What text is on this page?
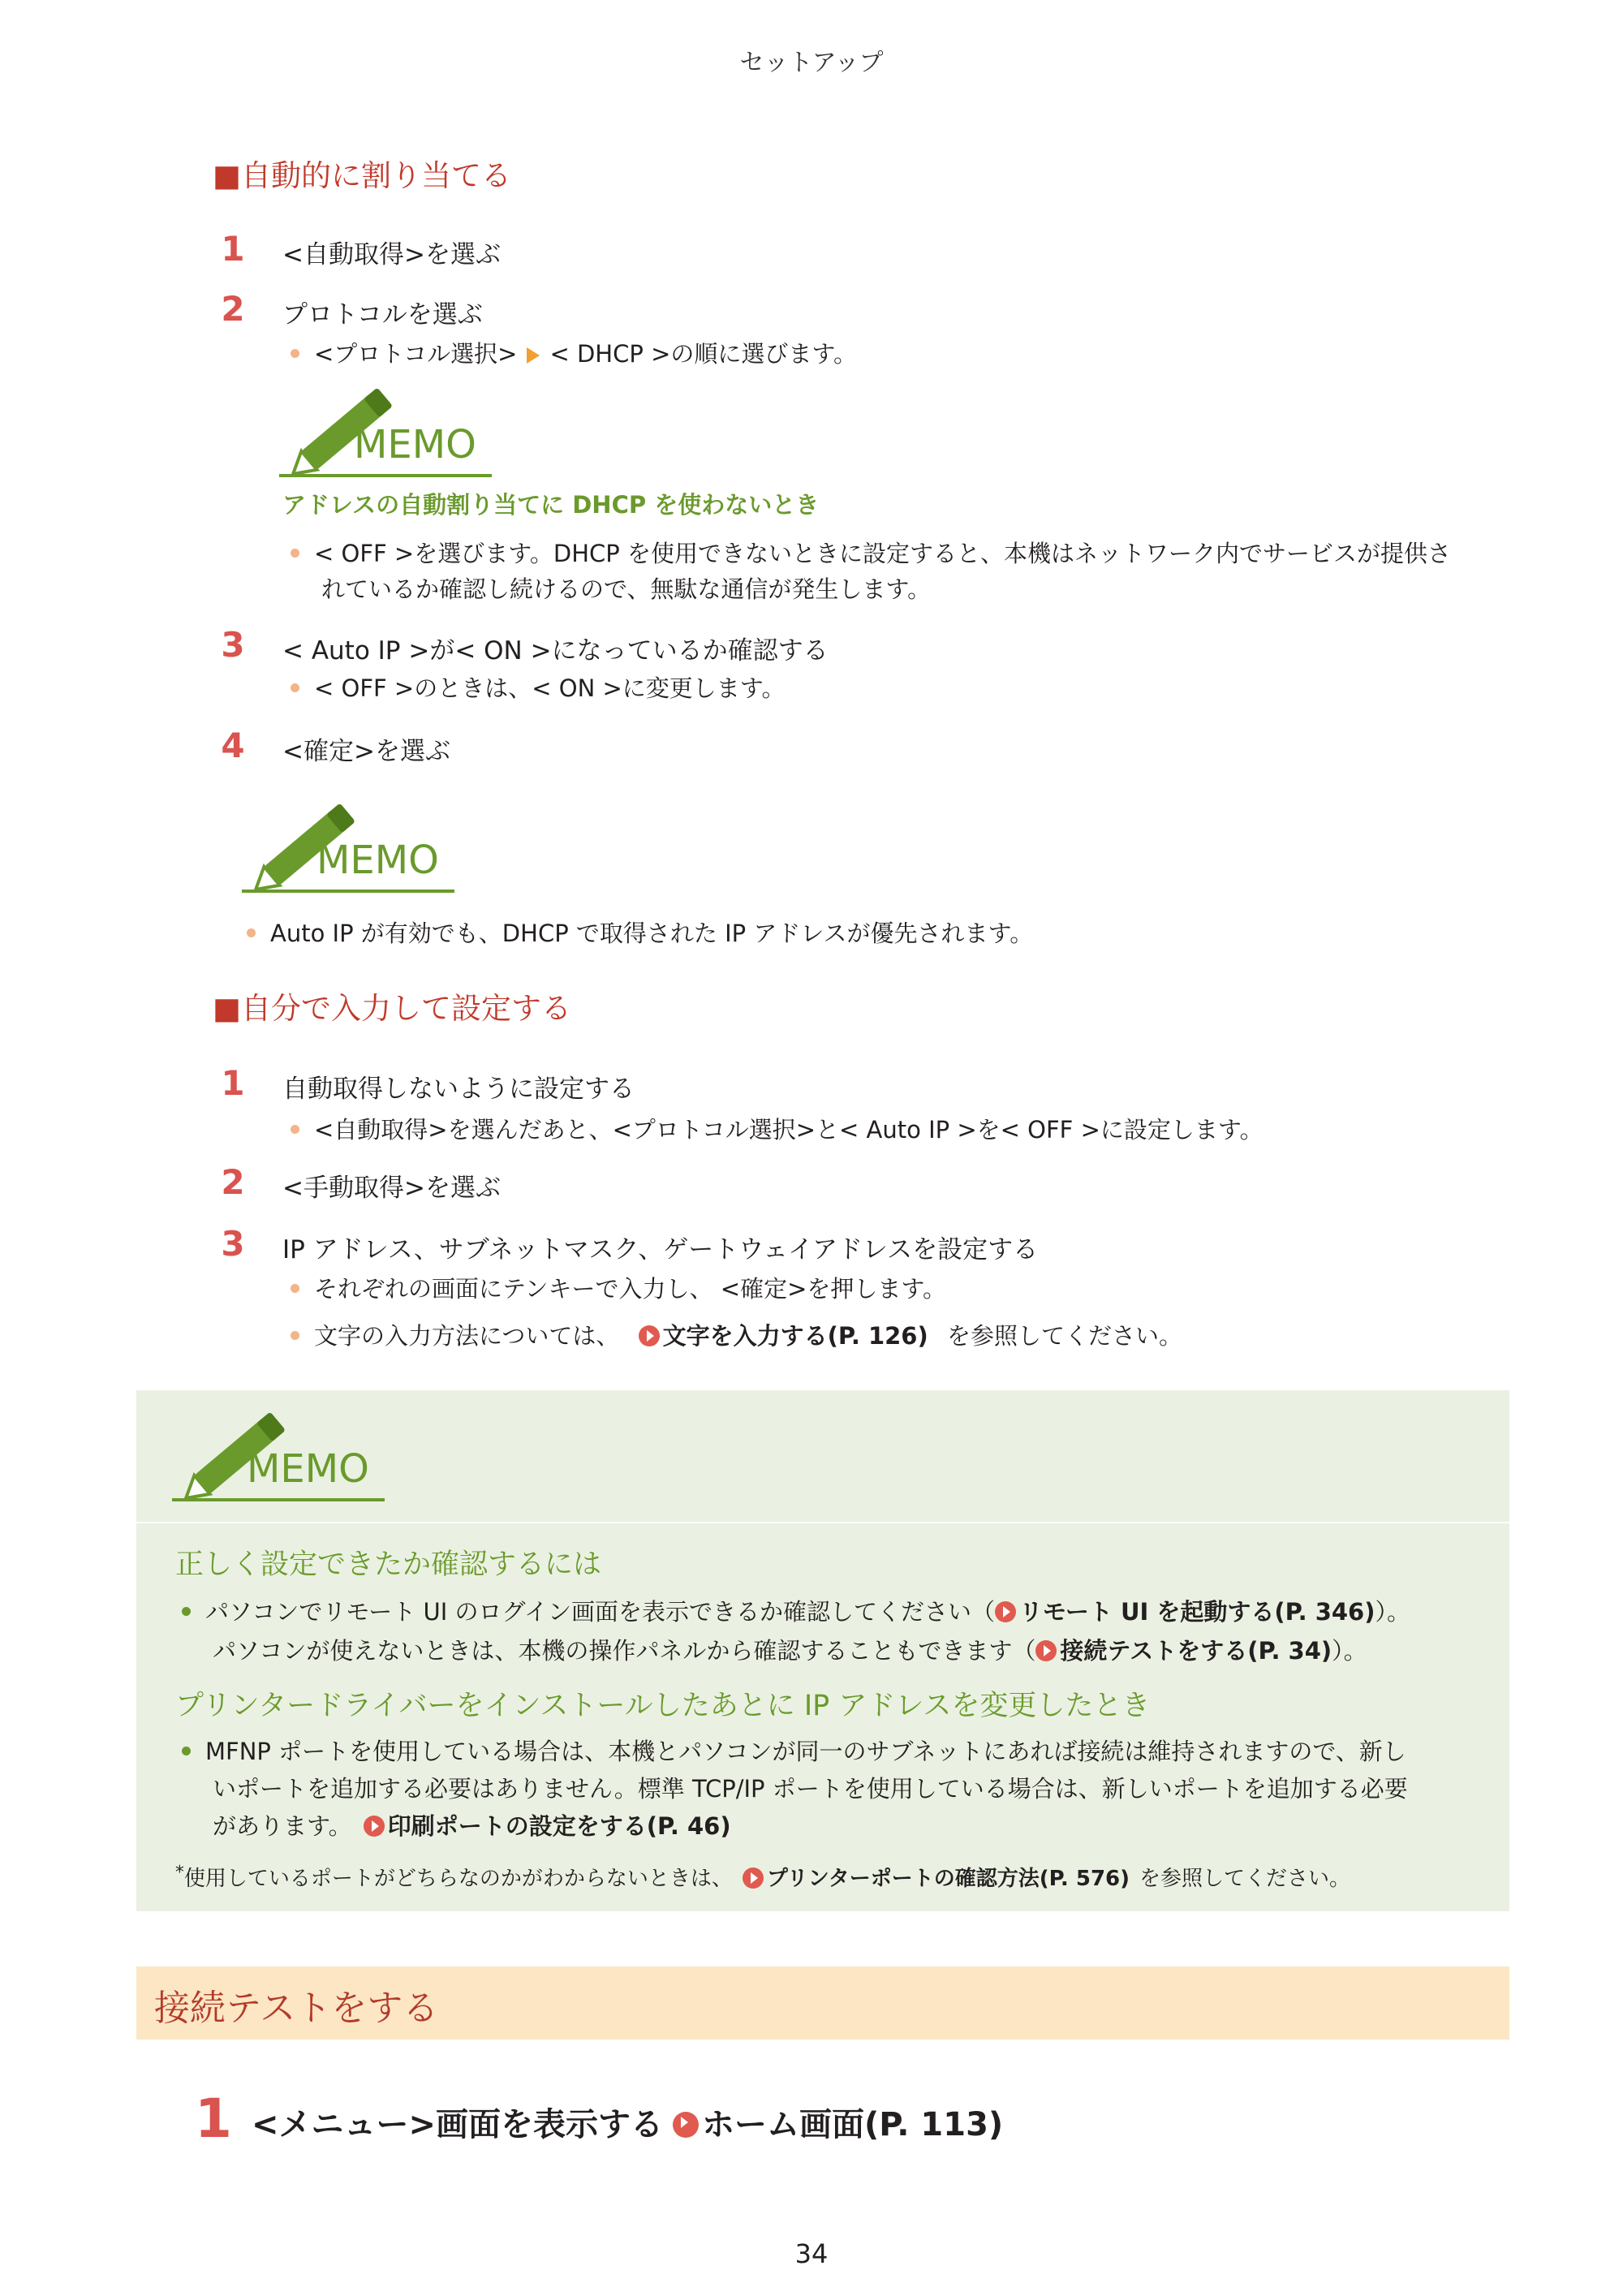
セットアップ
■自動的に割り当てる
1	<自動取得>を選ぶ
2	プロトコルを選ぶ
<プロトコル選択> < DHCP >の順に選びます。
MEMO
アドレスの自動割り当てに DHCP を使わないとき
< OFF >を選びます。DHCP を使用できないときに設定すると、本機はネットワーク内でサービスが提供さ
れているか確認し続けるので、無駄な通信が発生します。
3	< Auto IP >が< ON >になっているか確認する
< OFF >のときは、< ON >に変更します。
4	<確定>を選ぶ
MEMO
Auto IP が有効でも、DHCP で取得された IP アドレスが優先されます。
■自分で入力して設定する
1	自動取得しないように設定する
<自動取得>を選んだあと、<プロトコル選択>と< Auto IP >を< OFF >に設定します。
2	<手動取得>を選ぶ
3	IP アドレス、サブネットマスク、ゲートウェイアドレスを設定する
それぞれの画面にテンキーで入力し、 <確定>を押します。
文字の入力方法については、 文字を入力する(P. 126) を参照してください。
MEMO
正しく設定できたか確認するには
パソコンでリモート UI のログイン画面を表示できるか確認してください（ リモート UI を起動する(P. 346)）。
パソコンが使えないときは、本機の操作パネルから確認することもできます（ 接続テストをする(P. 34)）。
プリンタードライバーをインストールしたあとに IP アドレスを変更したとき
MFNP ポートを使用している場合は、本機とパソコンが同一のサブネットにあれば接続は維持されますので、新し
いポートを追加する必要はありません。標準 TCP/IP ポートを使用している場合は、新しいポートを追加する必要
があります。 印刷ポートの設定をする(P. 46)
*使用しているポートがどちらなのかがわからないときは、 プリンターポートの確認方法(P. 576) を参照してください。
接続テストをする
1 <メニュー>画面を表示する ホーム画面(P. 113)
34
